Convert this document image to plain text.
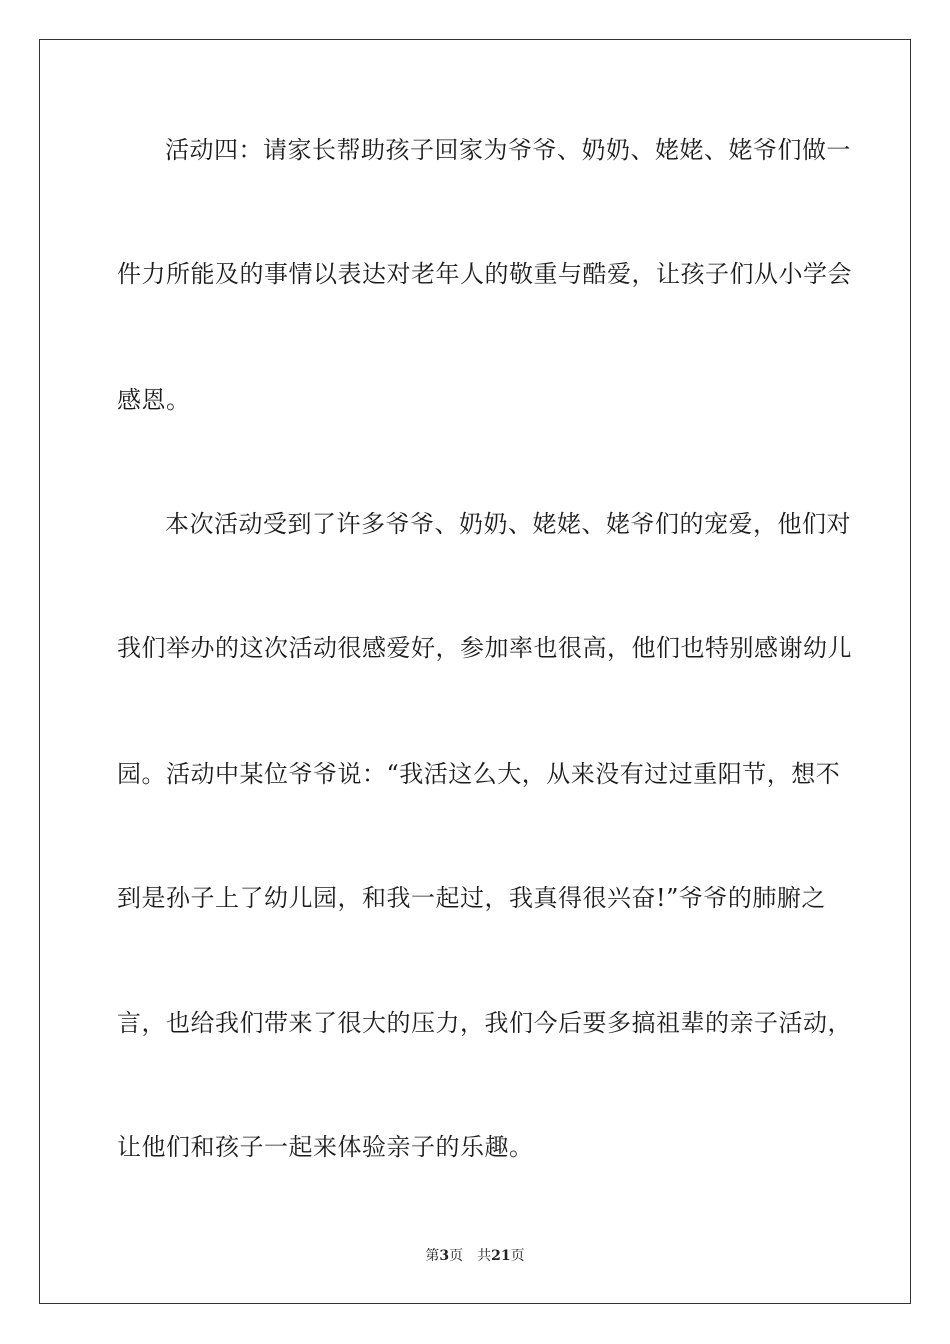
活动四：请家长帮助孩子回家为爷爷、奶奶、姥姥、姥爷们做一
件力所能及的事情以表达对老年人的敬重与酷爱，让孩子们从小学会
感恩。
本次活动受到了许多爷爷、奶奶、姥姥、姥爷们的宠爱，他们对
我们举办的这次活动很感爱好，参加率也很高，他们也特别感谢幼儿
园。活动中某位爷爷说：“我活这么大，从来没有过过重阳节，想不
到是孙子上了幼儿园，和我一起过，我真得很兴奋!”爷爷的肺腑之
言，也给我们带来了很大的压力，我们今后要多搞祖辈的亲子活动，
让他们和孩子一起来体验亲子的乐趣。
第3页 共21页
